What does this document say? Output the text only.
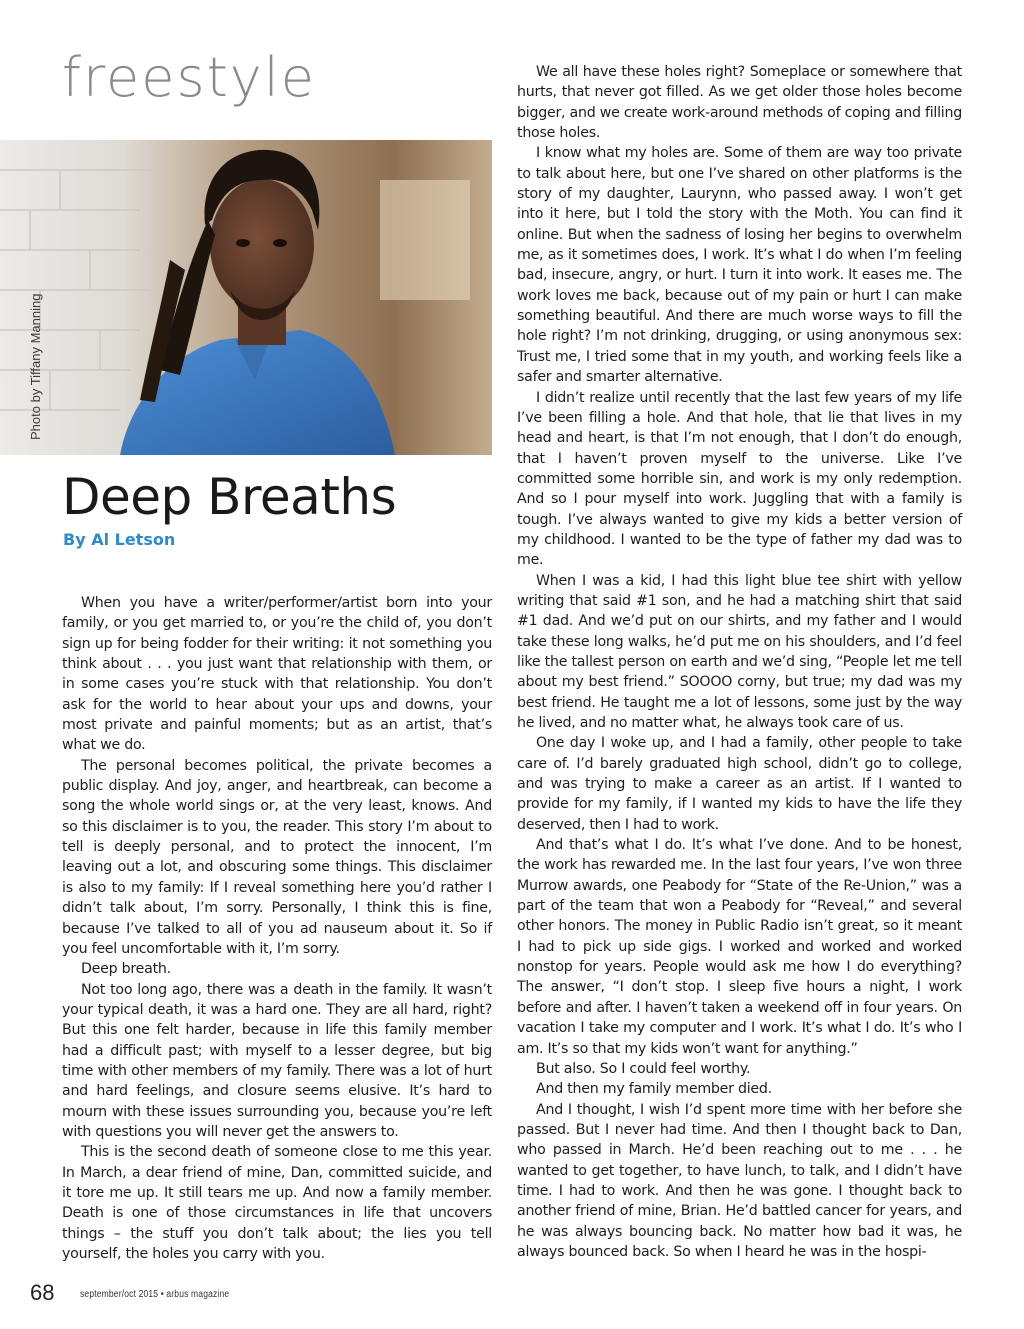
freestyle
Photo by Tiffany Manning
Deep Breaths
By Al Letson

When you have a writer/performer/artist born into your family, or you get married to, or you’re the child of, you don’t sign up for being fodder for their writing: it not something you think about . . . you just want that relationship with them, or in some cases you’re stuck with that relationship. You don’t ask for the world to hear about your ups and downs, your most private and painful moments; but as an artist, that’s what we do.

The personal becomes political, the private becomes a public display. And joy, anger, and heartbreak, can become a song the whole world sings or, at the very least, knows. And so this disclaimer is to you, the reader. This story I’m about to tell is deeply personal, and to protect the innocent, I’m leaving out a lot, and obscuring some things. This disclaimer is also to my family: If I reveal something here you’d rather I didn’t talk about, I’m sorry. Personally, I think this is fine, because I’ve talked to all of you ad nauseum about it. So if you feel uncomfortable with it, I’m sorry.

Deep breath.

Not too long ago, there was a death in the family. It wasn’t your typical death, it was a hard one. They are all hard, right? But this one felt harder, because in life this family member had a difficult past; with myself to a lesser degree, but big time with other members of my family. There was a lot of hurt and hard feelings, and closure seems elusive. It’s hard to mourn with these issues surrounding you, because you’re left with questions you will never get the answers to.

This is the second death of someone close to me this year. In March, a dear friend of mine, Dan, committed suicide, and it tore me up. It still tears me up. And now a family member. Death is one of those circumstances in life that uncovers things – the stuff you don’t talk about; the lies you tell yourself, the holes you carry with you.

We all have these holes right? Someplace or somewhere that hurts, that never got filled. As we get older those holes become bigger, and we create work-around methods of coping and filling those holes.

I know what my holes are. Some of them are way too private to talk about here, but one I’ve shared on other platforms is the story of my daughter, Laurynn, who passed away. I won’t get into it here, but I told the story with the Moth. You can find it online. But when the sadness of losing her begins to overwhelm me, as it sometimes does, I work. It’s what I do when I’m feeling bad, insecure, angry, or hurt. I turn it into work. It eases me. The work loves me back, because out of my pain or hurt I can make something beautiful. And there are much worse ways to fill the hole right? I’m not drinking, drugging, or using anonymous sex: Trust me, I tried some that in my youth, and working feels like a safer and smarter alternative.

I didn’t realize until recently that the last few years of my life I’ve been filling a hole. And that hole, that lie that lives in my head and heart, is that I’m not enough, that I don’t do enough, that I haven’t proven myself to the universe. Like I’ve committed some horrible sin, and work is my only redemption. And so I pour myself into work. Juggling that with a family is tough. I’ve always wanted to give my kids a better version of my childhood. I wanted to be the type of father my dad was to me.

When I was a kid, I had this light blue tee shirt with yellow writing that said #1 son, and he had a matching shirt that said #1 dad. And we’d put on our shirts, and my father and I would take these long walks, he’d put me on his shoulders, and I’d feel like the tallest person on earth and we’d sing, “People let me tell about my best friend.” SOOOO corny, but true; my dad was my best friend. He taught me a lot of lessons, some just by the way he lived, and no matter what, he always took care of us.

One day I woke up, and I had a family, other people to take care of. I’d barely graduated high school, didn’t go to college, and was trying to make a career as an artist. If I wanted to provide for my family, if I wanted my kids to have the life they deserved, then I had to work.

And that’s what I do. It’s what I’ve done. And to be honest, the work has rewarded me. In the last four years, I’ve won three Murrow awards, one Peabody for “State of the Re-Union,” was a part of the team that won a Peabody for “Reveal,” and several other honors. The money in Public Radio isn’t great, so it meant I had to pick up side gigs. I worked and worked and worked nonstop for years. People would ask me how I do everything? The answer, “I don’t stop. I sleep five hours a night, I work before and after. I haven’t taken a weekend off in four years. On vacation I take my computer and I work. It’s what I do. It’s who I am. It’s so that my kids won’t want for anything.”

But also. So I could feel worthy.

And then my family member died.

And I thought, I wish I’d spent more time with her before she passed. But I never had time. And then I thought back to Dan, who passed in March. He’d been reaching out to me . . . he wanted to get together, to have lunch, to talk, and I didn’t have time. I had to work. And then he was gone. I thought back to another friend of mine, Brian. He’d battled cancer for years, and he was always bouncing back. No matter how bad it was, he always bounced back. So when I heard he was in the hospi-

68	september/oct 2015 • arbus magazine
